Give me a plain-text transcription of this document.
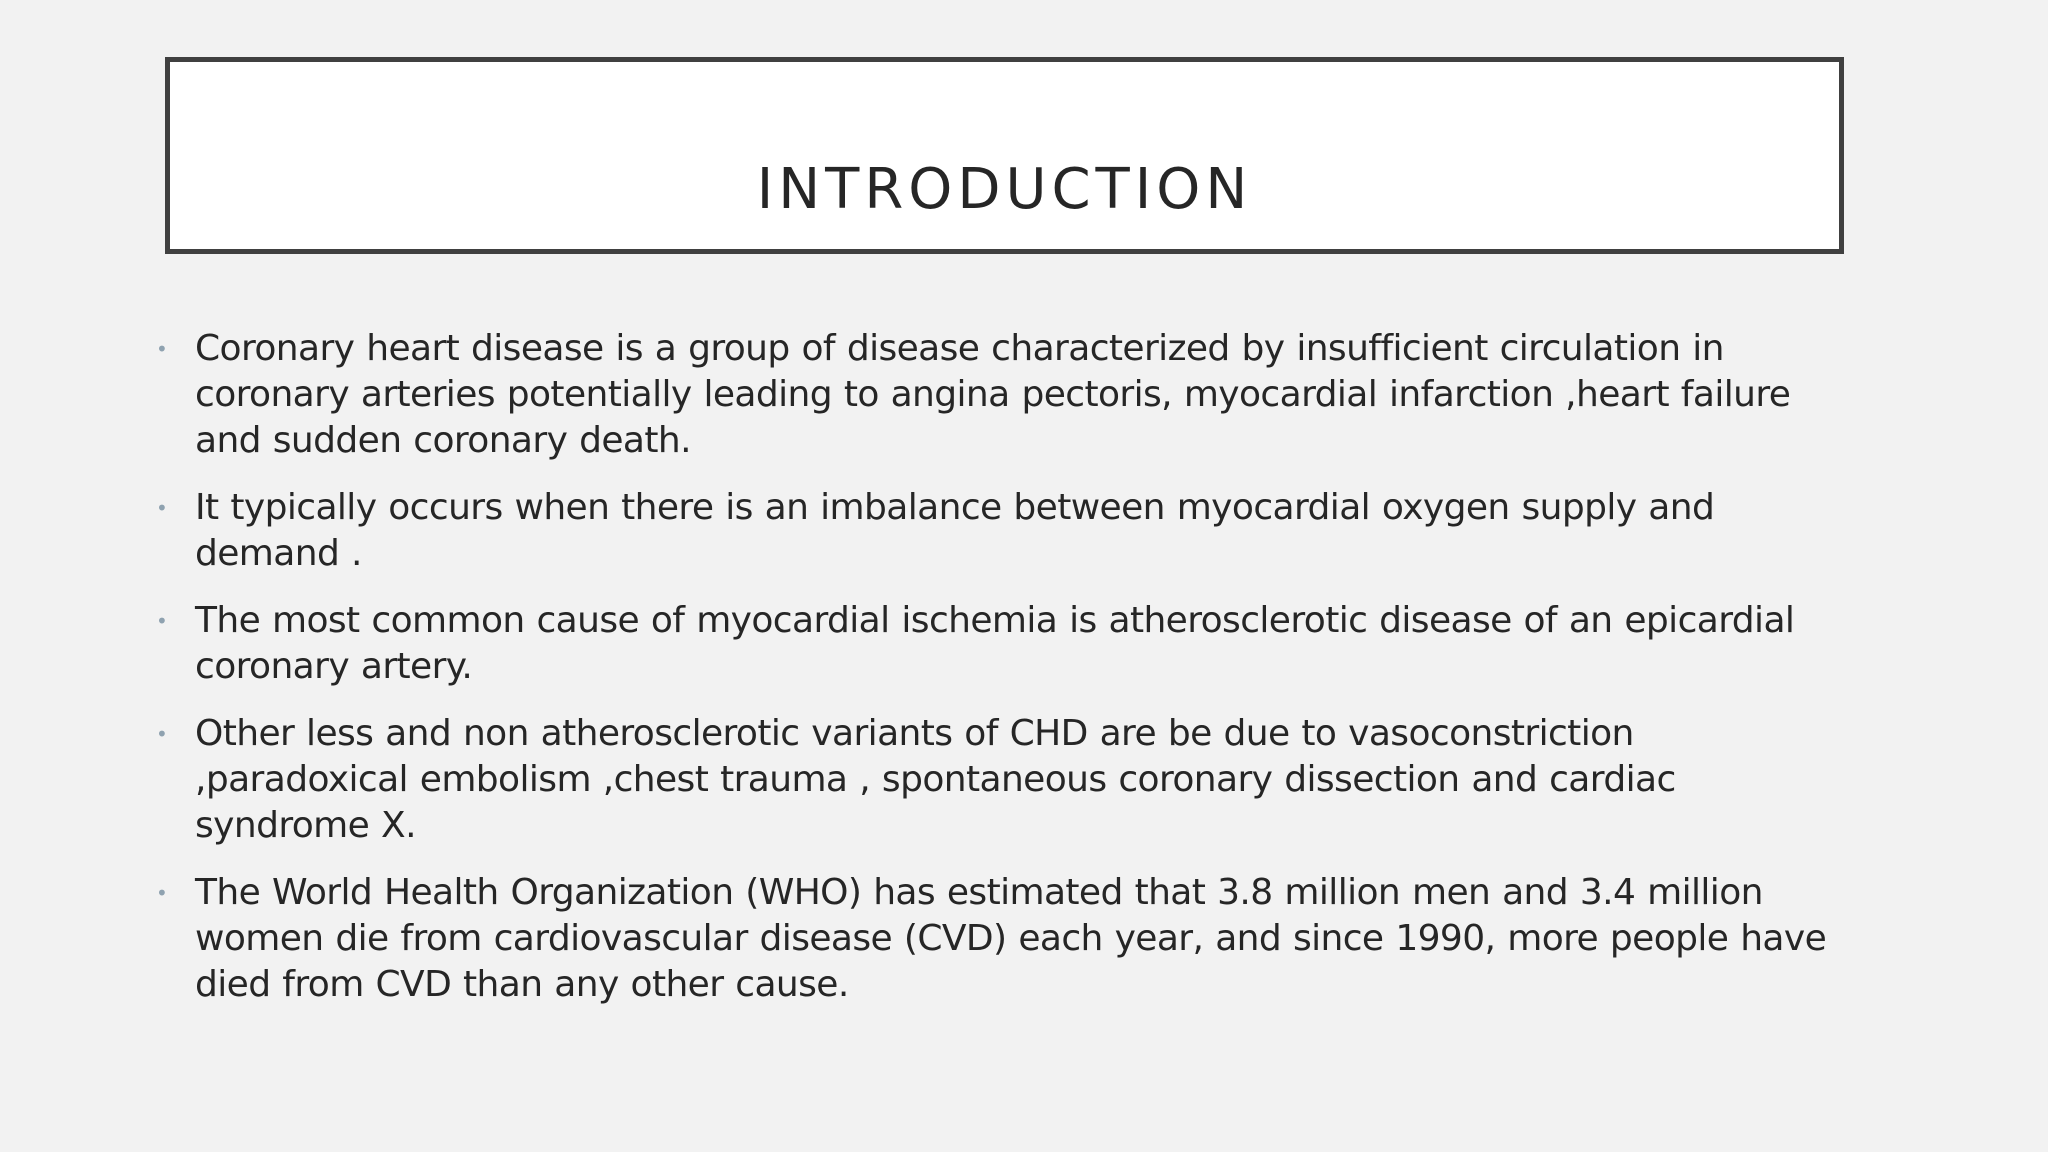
INTRODUCTION
• Coronary heart disease is a group of disease characterized by insufficient circulation in coronary arteries potentially leading to angina pectoris, myocardial infarction ,heart failure and sudden coronary death.
• It typically occurs when there is an imbalance between myocardial oxygen supply and demand .
• The most common cause of myocardial ischemia is atherosclerotic disease of an epicardial coronary artery.
• Other less and non atherosclerotic variants of CHD are be due to vasoconstriction ,paradoxical embolism ,chest trauma , spontaneous coronary dissection and cardiac syndrome X.
• The World Health Organization (WHO) has estimated that 3.8 million men and 3.4 million women die from cardiovascular disease (CVD) each year, and since 1990, more people have died from CVD than any other cause.
